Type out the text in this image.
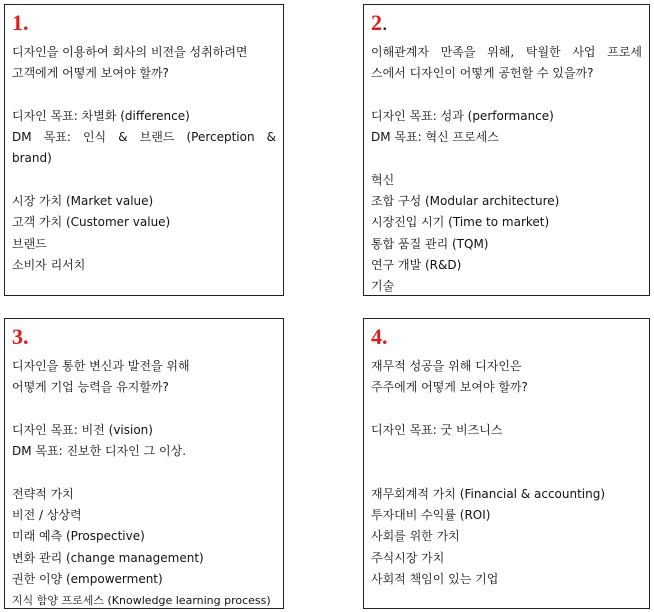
1.
디자인을 이용하여 회사의 비전을 성취하려면
고객에게 어떻게 보여야 할까?
디자인 목표: 차별화 (difference)
DM 목표: 인식 & 브랜드 (Perception &
brand)
시장 가치 (Market value)
고객 가치 (Customer value)
브랜드
소비자 리서치
2.
이해관계자 만족을 위해, 탁월한 사업 프로세
스에서 디자인이 어떻게 공헌할 수 있을까?
디자인 목표: 성과 (performance)
DM 목표: 혁신 프로세스
혁신
조합 구성 (Modular architecture)
시장진입 시기 (Time to market)
통합 품질 관리 (TQM)
연구 개발 (R&D)
기술
3.
디자인을 통한 변신과 발전을 위해
어떻게 기업 능력을 유지할까?
디자인 목표: 비전 (vision)
DM 목표: 진보한 디자인 그 이상.
전략적 가치
비전 / 상상력
미래 예측 (Prospective)
변화 관리 (change management)
권한 이양 (empowerment)
지식 함양 프로세스 (Knowledge learning process)
4.
재무적 성공을 위해 디자인은
주주에게 어떻게 보여야 할까?
디자인 목표: 굿 비즈니스
재무회계적 가치 (Financial & accounting)
투자대비 수익률 (ROI)
사회를 위한 가치
주식시장 가치
사회적 책임이 있는 기업
